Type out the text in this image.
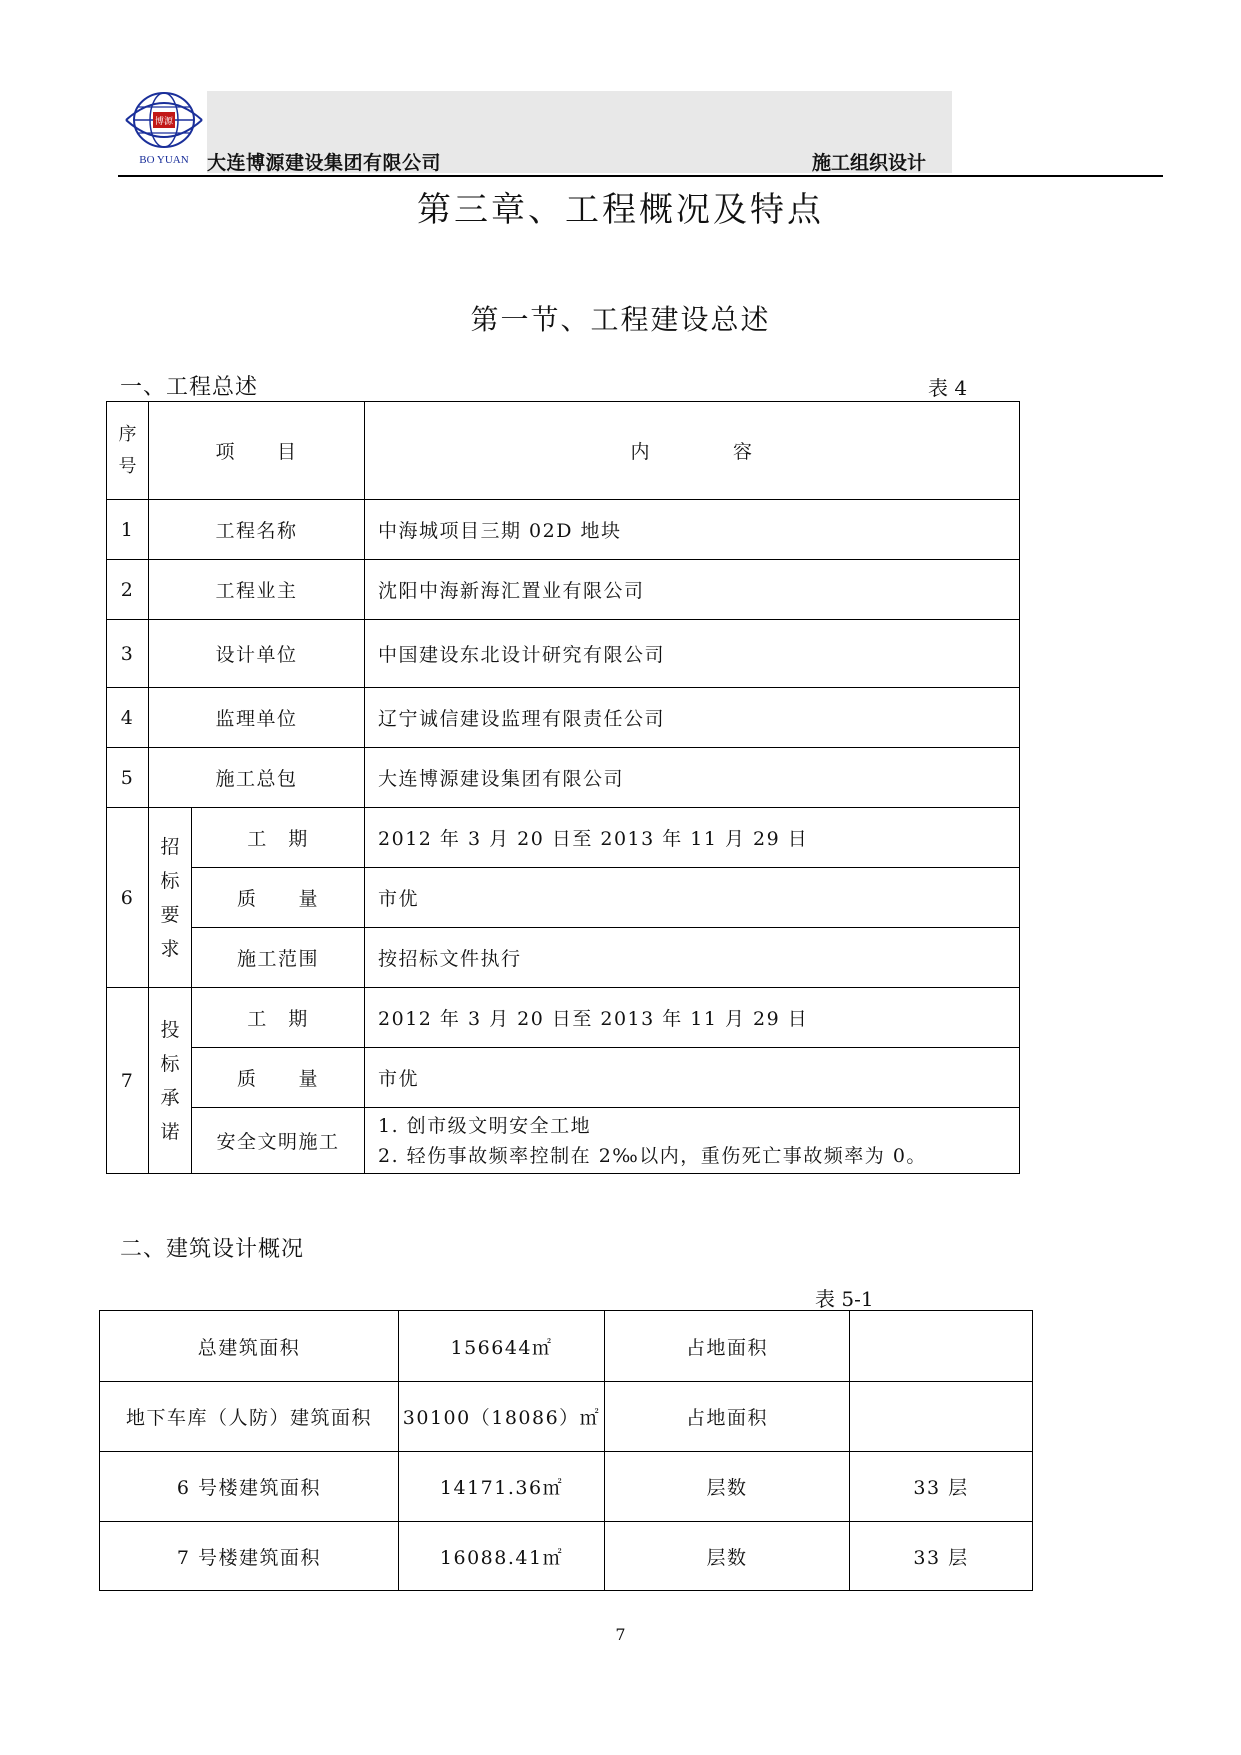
博源
BO YUAN 大连博源建设集团有限公司	施工组织设计
第三章、工程概况及特点
第一节、工程建设总述
一、工程总述	表 4
序号	项　　目		内　　　　容
1	工程名称		中海城项目三期 02D 地块
2	工程业主		沈阳中海新海汇置业有限公司
3	设计单位		中国建设东北设计研究有限公司
4	监理单位		辽宁诚信建设监理有限责任公司
5	施工总包		大连博源建设集团有限公司
6	招标要求	工　期	2012 年 3 月 20 日至 2013 年 11 月 29 日
		质　　量	市优
		施工范围	按招标文件执行
7	投标承诺	工　期	2012 年 3 月 20 日至 2013 年 11 月 29 日
		质　　量	市优
		安全文明施工	1. 创市级文明安全工地
2. 轻伤事故频率控制在 2‰以内，重伤死亡事故频率为 0。
二、建筑设计概况
表 5-1
总建筑面积	156644㎡	占地面积	
地下车库（人防）建筑面积	30100（18086）㎡	占地面积	
6 号楼建筑面积	14171.36㎡	层数	33 层
7 号楼建筑面积	16088.41㎡	层数	33 层
7
